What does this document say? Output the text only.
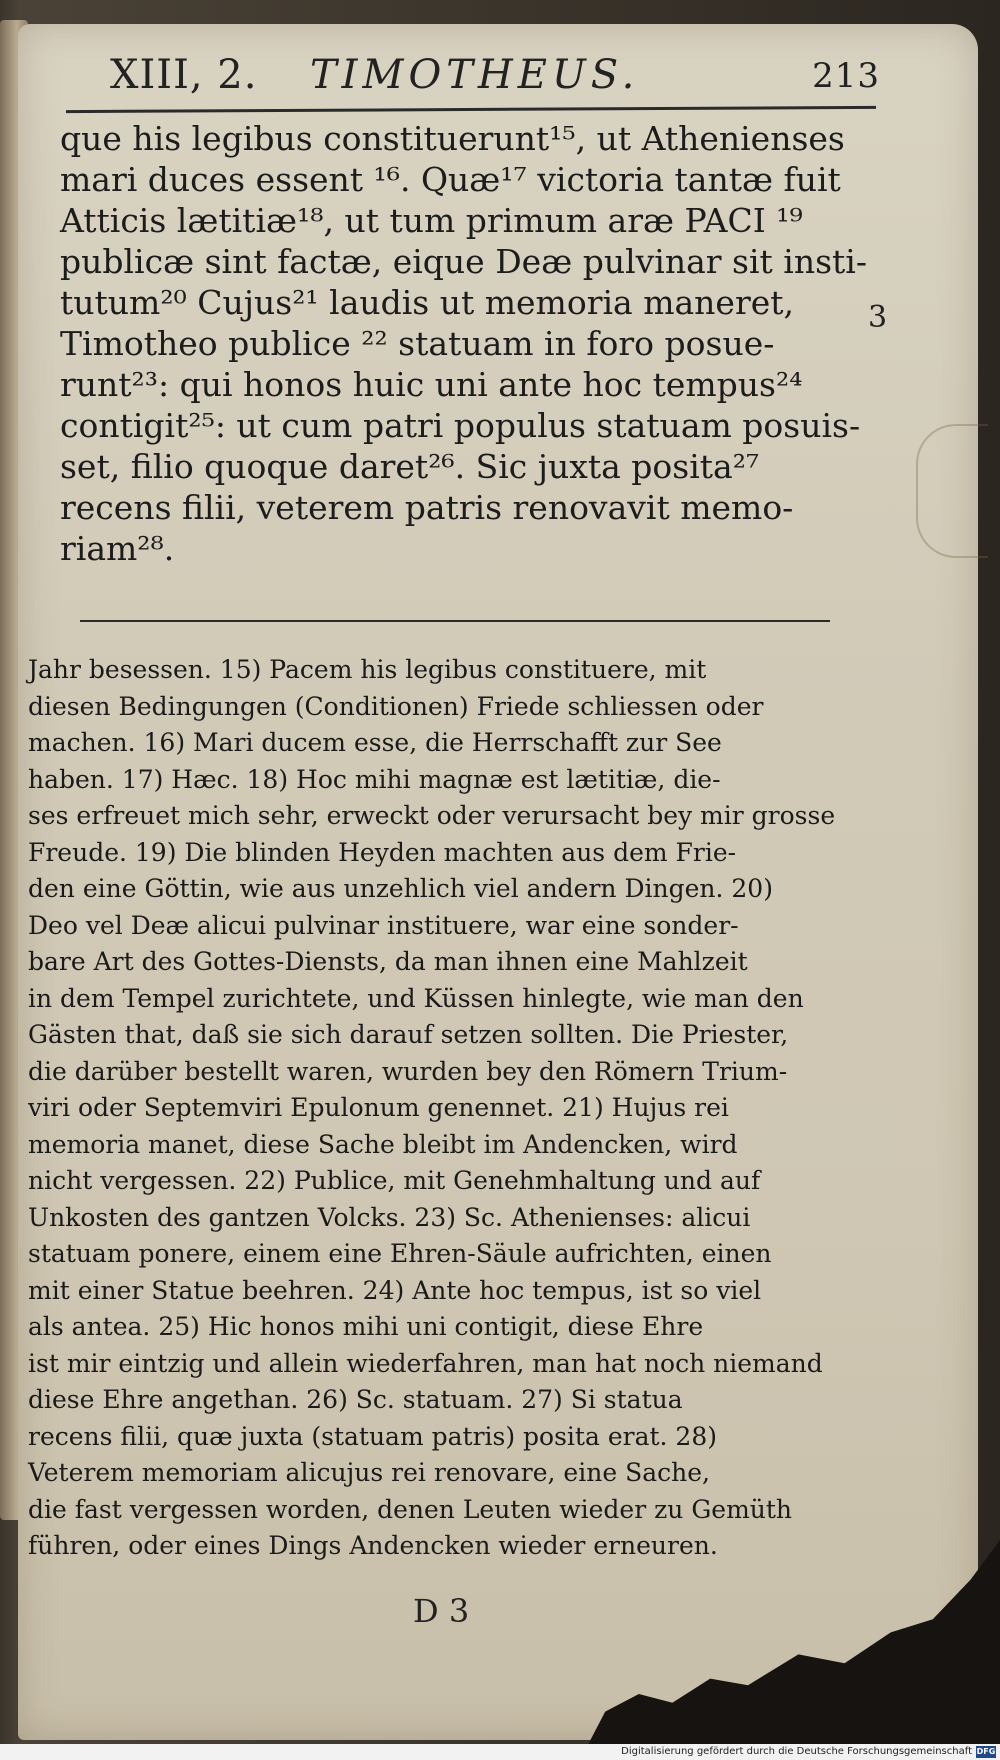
XIII, 2. TIMOTHEUS.	213
que his legibus constituerunt¹⁵, ut Athenienses
mari duces essent ¹⁶. Quæ¹⁷ victoria tantæ fuit
Atticis lætitiæ¹⁸, ut tum primum aræ PACI ¹⁹
publicæ sint factæ, eique Deæ pulvinar sit insti-
tutum²⁰ Cujus²¹ laudis ut memoria maneret,
Timotheo publice ²² statuam in foro posue-
runt²³: qui honos huic uni ante hoc tempus²⁴
contigit²⁵: ut cum patri populus statuam posuis-
set, filio quoque daret²⁶. Sic juxta posita²⁷
recens filii, veterem patris renovavit memo-
riam²⁸.
3
Jahr besessen. 15) Pacem his legibus constituere, mit
diesen Bedingungen (Conditionen) Friede schliessen oder
machen. 16) Mari ducem esse, die Herrschafft zur See
haben. 17) Hæc. 18) Hoc mihi magnæ est lætitiæ, die-
ses erfreuet mich sehr, erweckt oder verursacht bey mir grosse
Freude. 19) Die blinden Heyden machten aus dem Frie-
den eine Göttin, wie aus unzehlich viel andern Dingen. 20)
Deo vel Deæ alicui pulvinar instituere, war eine sonder-
bare Art des Gottes-Diensts, da man ihnen eine Mahlzeit
in dem Tempel zurichtete, und Küssen hinlegte, wie man den
Gästen that, daß sie sich darauf setzen sollten. Die Priester,
die darüber bestellt waren, wurden bey den Römern Trium-
viri oder Septemviri Epulonum genennet. 21) Hujus rei
memoria manet, diese Sache bleibt im Andencken, wird
nicht vergessen. 22) Publice, mit Genehmhaltung und auf
Unkosten des gantzen Volcks. 23) Sc. Athenienses: alicui
statuam ponere, einem eine Ehren-Säule aufrichten, einen
mit einer Statue beehren. 24) Ante hoc tempus, ist so viel
als antea. 25) Hic honos mihi uni contigit, diese Ehre
ist mir eintzig und allein wiederfahren, man hat noch niemand
diese Ehre angethan. 26) Sc. statuam. 27) Si statua
recens filii, quæ juxta (statuam patris) posita erat. 28)
Veterem memoriam alicujus rei renovare, eine Sache,
die fast vergessen worden, denen Leuten wieder zu Gemüth
führen, oder eines Dings Andencken wieder erneuren.
D 3
Digitalisierung gefördert durch die Deutsche Forschungsgemeinschaft DFG
